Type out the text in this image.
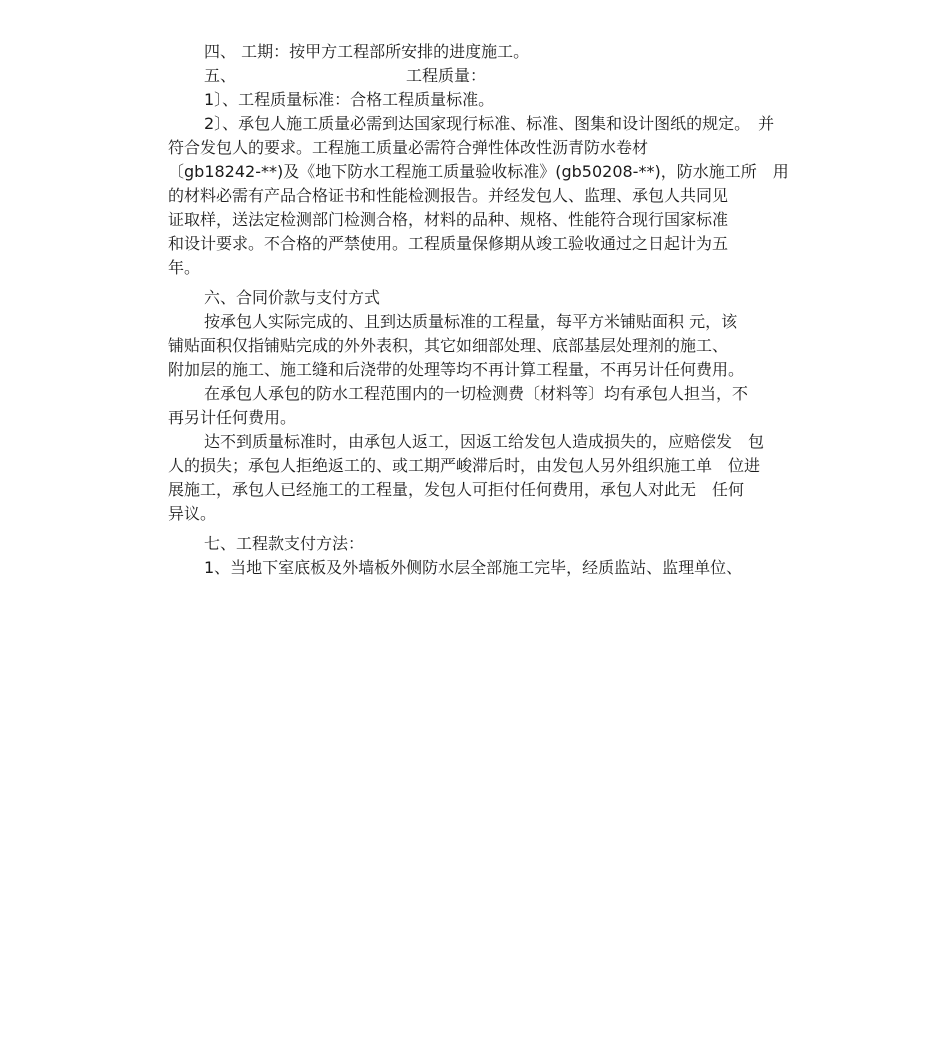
四、 工期：按甲方工程部所安排的进度施工。
五、	工程质量：
1〕、工程质量标准：合格工程质量标准。
2〕、承包人施工质量必需到达国家现行标准、标准、图集和设计图纸的规定。　并
符合发包人的要求。工程施工质量必需符合弹性体改性沥青防水卷材
〔gb18242-**)及《地下防水工程施工质量验收标准》(gb50208-**)，防水施工所　用
的材料必需有产品合格证书和性能检测报告。并经发包人、监理、承包人共同见
证取样，送法定检测部门检测合格，材料的品种、规格、性能符合现行国家标准
和设计要求。不合格的严禁使用。工程质量保修期从竣工验收通过之日起计为五
年。
六、合同价款与支付方式
按承包人实际完成的、且到达质量标准的工程量，每平方米铺贴面积 元，该
铺贴面积仅指铺贴完成的外外表积，其它如细部处理、底部基层处理剂的施工、
附加层的施工、施工缝和后浇带的处理等均不再计算工程量，不再另计任何费用。
在承包人承包的防水工程范围内的一切检测费〔材料等〕均有承包人担当，不
再另计任何费用。
达不到质量标准时，由承包人返工，因返工给发包人造成损失的，应赔偿发　包
人的损失；承包人拒绝返工的、或工期严峻滞后时，由发包人另外组织施工单　位进
展施工，承包人已经施工的工程量，发包人可拒付任何费用，承包人对此无　任何
异议。
七、工程款支付方法：
1、当地下室底板及外墙板外侧防水层全部施工完毕，经质监站、监理单位、
